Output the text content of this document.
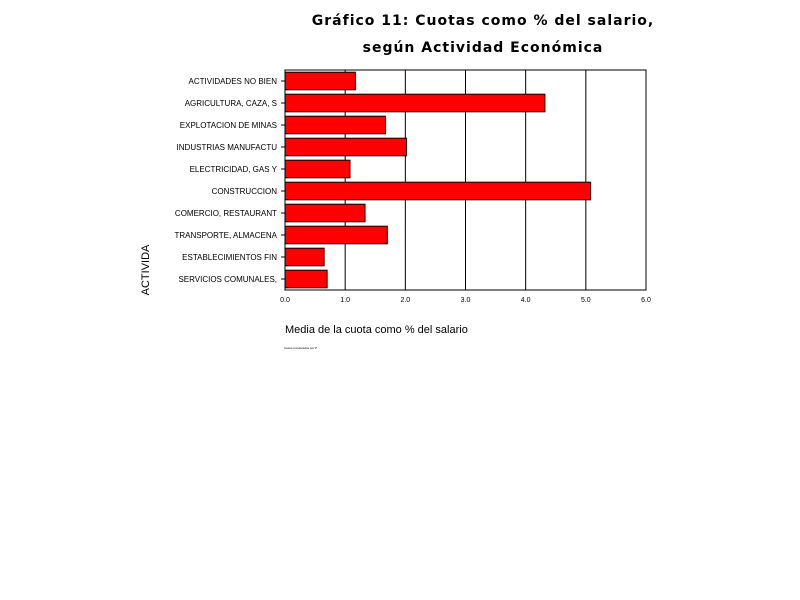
Gráfico 11: Cuotas como % del salario,
según Actividad Económica
0.0	1.0	2.0	3.0	4.0	5.0	6.0
ACTIVIDADES NO BIEN
AGRICULTURA, CAZA, S
EXPLOTACION DE MINAS
INDUSTRIAS MANUFACTU
ELECTRICIDAD, GAS Y
CONSTRUCCION
COMERCIO, RESTAURANT
TRANSPORTE, ALMACENA
ESTABLECIMIENTOS FIN
SERVICIOS COMUNALES,
Media de la cuota como % del salario
ACTIVIDA
Casos ponderados por P
